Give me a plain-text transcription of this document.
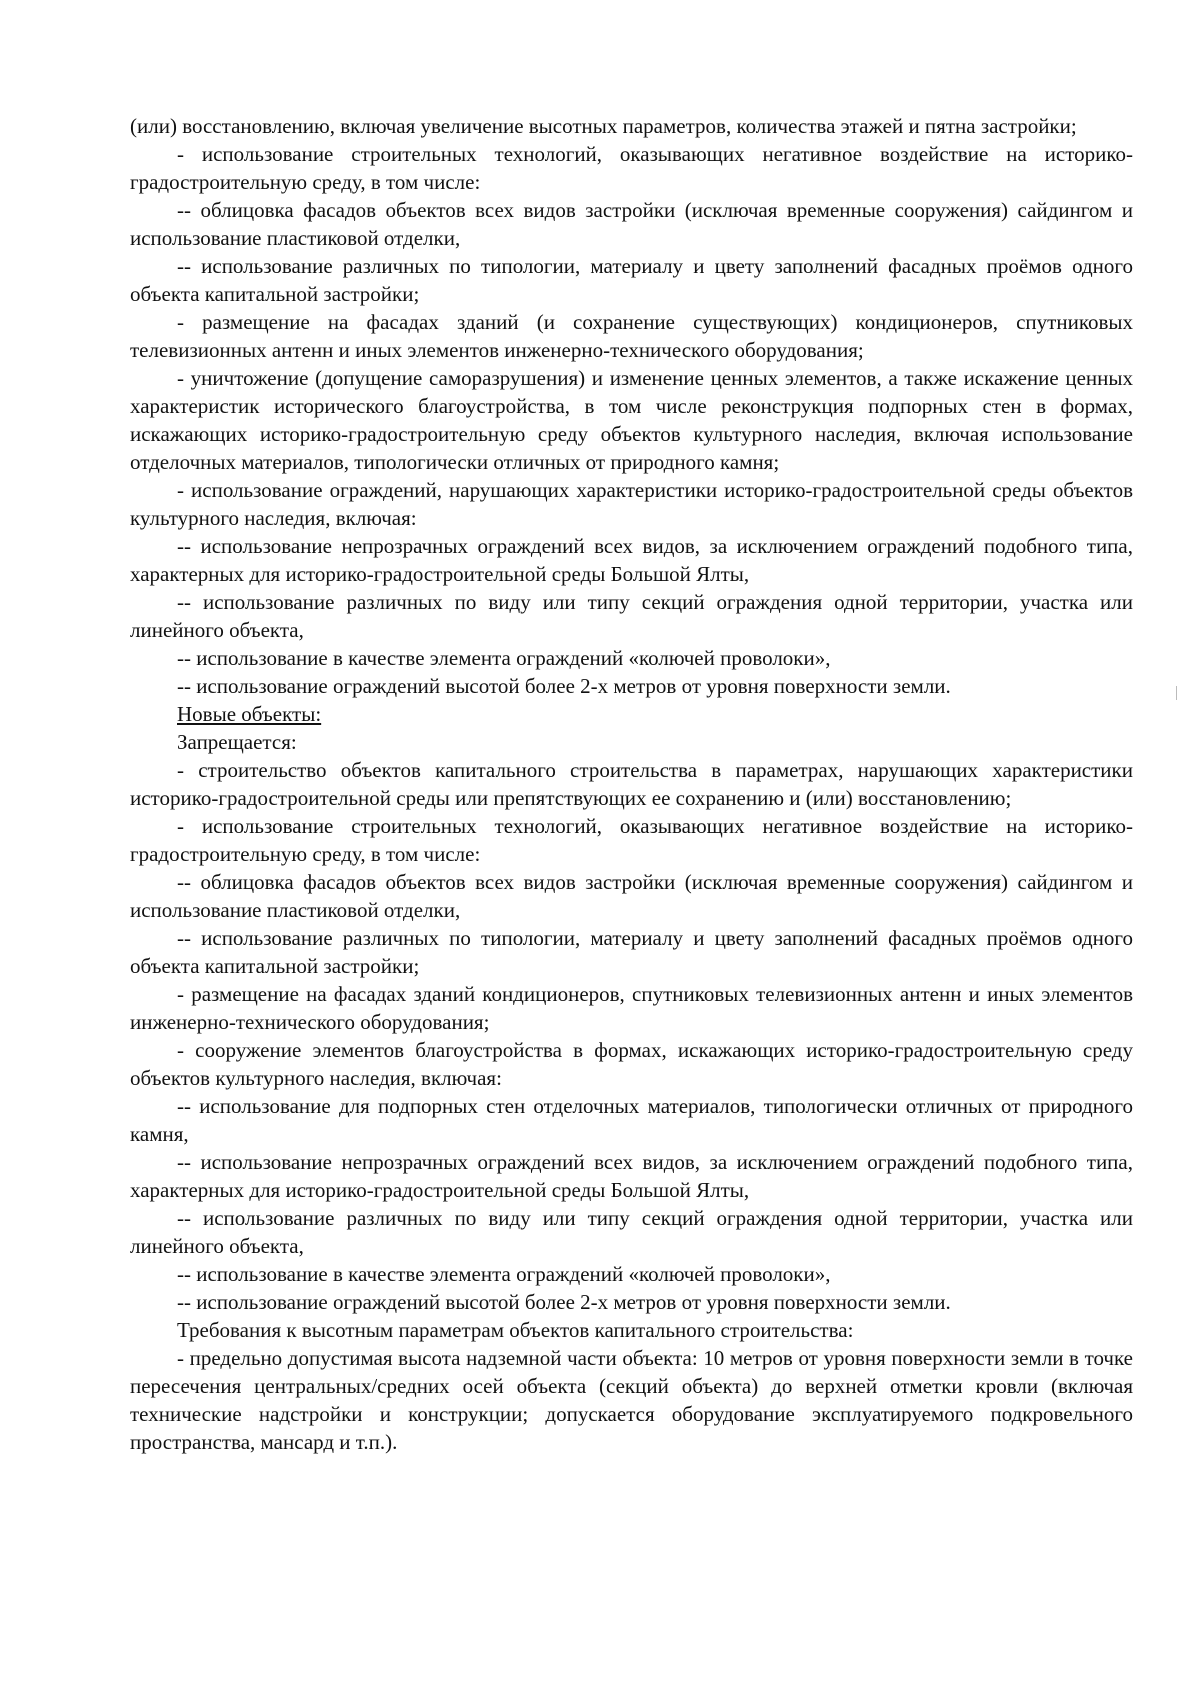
(или) восстановлению, включая увеличение высотных параметров, количества этажей и пятна застройки;

- использование строительных технологий, оказывающих негативное воздействие на историко-градостроительную среду, в том числе:

-- облицовка фасадов объектов всех видов застройки (исключая временные сооружения) сайдингом и использование пластиковой отделки,

-- использование различных по типологии, материалу и цвету заполнений фасадных проёмов одного объекта капитальной застройки;

- размещение на фасадах зданий (и сохранение существующих) кондиционеров, спутниковых телевизионных антенн и иных элементов инженерно-технического оборудования;

- уничтожение (допущение саморазрушения) и изменение ценных элементов, а также искажение ценных характеристик исторического благоустройства, в том числе реконструкция подпорных стен в формах, искажающих историко-градостроительную среду объектов культурного наследия, включая использование отделочных материалов, типологически отличных от природного камня;

- использование ограждений, нарушающих характеристики историко-градостроительной среды объектов культурного наследия, включая:

-- использование непрозрачных ограждений всех видов, за исключением ограждений подобного типа, характерных для историко-градостроительной среды Большой Ялты,

-- использование различных по виду или типу секций ограждения одной территории, участка или линейного объекта,

-- использование в качестве элемента ограждений «колючей проволоки»,

-- использование ограждений высотой более 2-х метров от уровня поверхности земли.

Новые объекты:

Запрещается:

- строительство объектов капитального строительства в параметрах, нарушающих характеристики историко-градостроительной среды или препятствующих ее сохранению и (или) восстановлению;

- использование строительных технологий, оказывающих негативное воздействие на историко-градостроительную среду, в том числе:

-- облицовка фасадов объектов всех видов застройки (исключая временные сооружения) сайдингом и использование пластиковой отделки,

-- использование различных по типологии, материалу и цвету заполнений фасадных проёмов одного объекта капитальной застройки;

- размещение на фасадах зданий кондиционеров, спутниковых телевизионных антенн и иных элементов инженерно-технического оборудования;

- сооружение элементов благоустройства в формах, искажающих историко-градостроительную среду объектов культурного наследия, включая:

-- использование для подпорных стен отделочных материалов, типологически отличных от природного камня,

-- использование непрозрачных ограждений всех видов, за исключением ограждений подобного типа, характерных для историко-градостроительной среды Большой Ялты,

-- использование различных по виду или типу секций ограждения одной территории, участка или линейного объекта,

-- использование в качестве элемента ограждений «колючей проволоки»,

-- использование ограждений высотой более 2-х метров от уровня поверхности земли.

Требования к высотным параметрам объектов капитального строительства:

- предельно допустимая высота надземной части объекта: 10 метров от уровня поверхности земли в точке пересечения центральных/средних осей объекта (секций объекта) до верхней отметки кровли (включая технические надстройки и конструкции; допускается оборудование эксплуатируемого подкровельного пространства, мансард и т.п.).
